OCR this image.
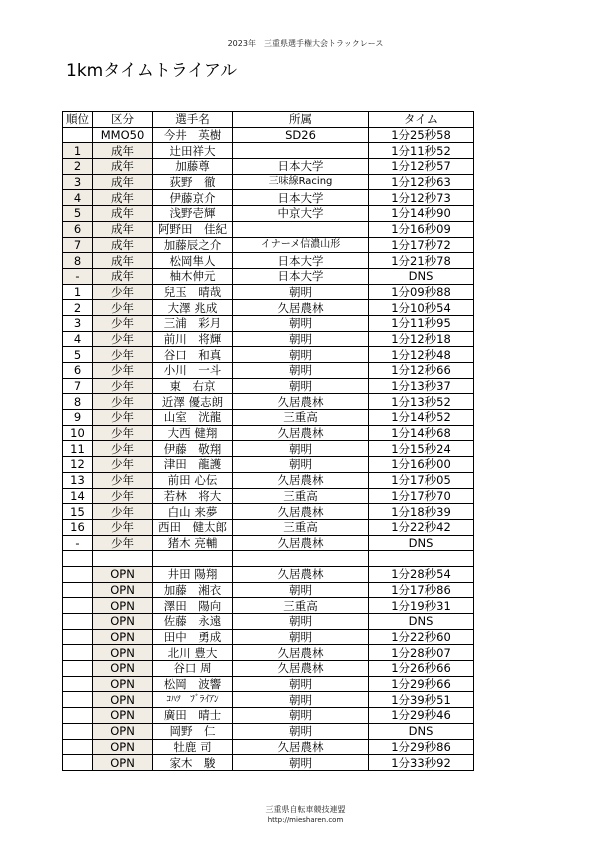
2023年　三重県選手権大会トラックレース
1kmタイムトライアル
順位	区分	選手名	所属	タイム
	MMO50	今井　英樹	SD26	1分25秒58
1	成年	辻田祥大		1分11秒52
2	成年	加藤尊	日本大学	1分12秒57
3	成年	荻野　徹	三味線Racing	1分12秒63
4	成年	伊藤京介	日本大学	1分12秒73
5	成年	浅野壱輝	中京大学	1分14秒90
6	成年	阿野田　佳紀		1分16秒09
7	成年	加藤辰之介	イナーメ信濃山形	1分17秒72
8	成年	松岡隼人	日本大学	1分21秒78
-	成年	柚木伸元	日本大学	DNS
1	少年	兒玉　晴哉	朝明	1分09秒88
2	少年	大澤 兆成	久居農林	1分10秒54
3	少年	三浦　彩月	朝明	1分11秒95
4	少年	前川　将輝	朝明	1分12秒18
5	少年	谷口　和真	朝明	1分12秒48
6	少年	小川　一斗	朝明	1分12秒66
7	少年	東　右京	朝明	1分13秒37
8	少年	近澤 優志朗	久居農林	1分13秒52
9	少年	山室　洸龍	三重高	1分14秒52
10	少年	大西 健翔	久居農林	1分14秒68
11	少年	伊藤　敬翔	朝明	1分15秒24
12	少年	津田　龍護	朝明	1分16秒00
13	少年	前田 心伝	久居農林	1分17秒05
14	少年	若林　将大	三重高	1分17秒70
15	少年	白山 来夢	久居農林	1分18秒39
16	少年	西田　健太郎	三重高	1分22秒42
-	少年	猪木 亮輔	久居農林	DNS

	OPN	井田 陽翔	久居農林	1分28秒54
	OPN	加藤　湘衣	朝明	1分17秒86
	OPN	澤田　陽向	三重高	1分19秒31
	OPN	佐藤　永遠	朝明	DNS
	OPN	田中　勇成	朝明	1分22秒60
	OPN	北川 豊大	久居農林	1分28秒07
	OPN	谷口 周	久居農林	1分26秒66
	OPN	松岡　波響	朝明	1分29秒66
	OPN	ｺﾊﾂ　ﾌﾞﾗｲｱﾝ	朝明	1分39秒51
	OPN	廣田　晴士	朝明	1分29秒46
	OPN	岡野　仁	朝明	DNS
	OPN	牡鹿 司	久居農林	1分29秒86
	OPN	家木　駿	朝明	1分33秒92
三重県自転車競技連盟
http://miesharen.com
